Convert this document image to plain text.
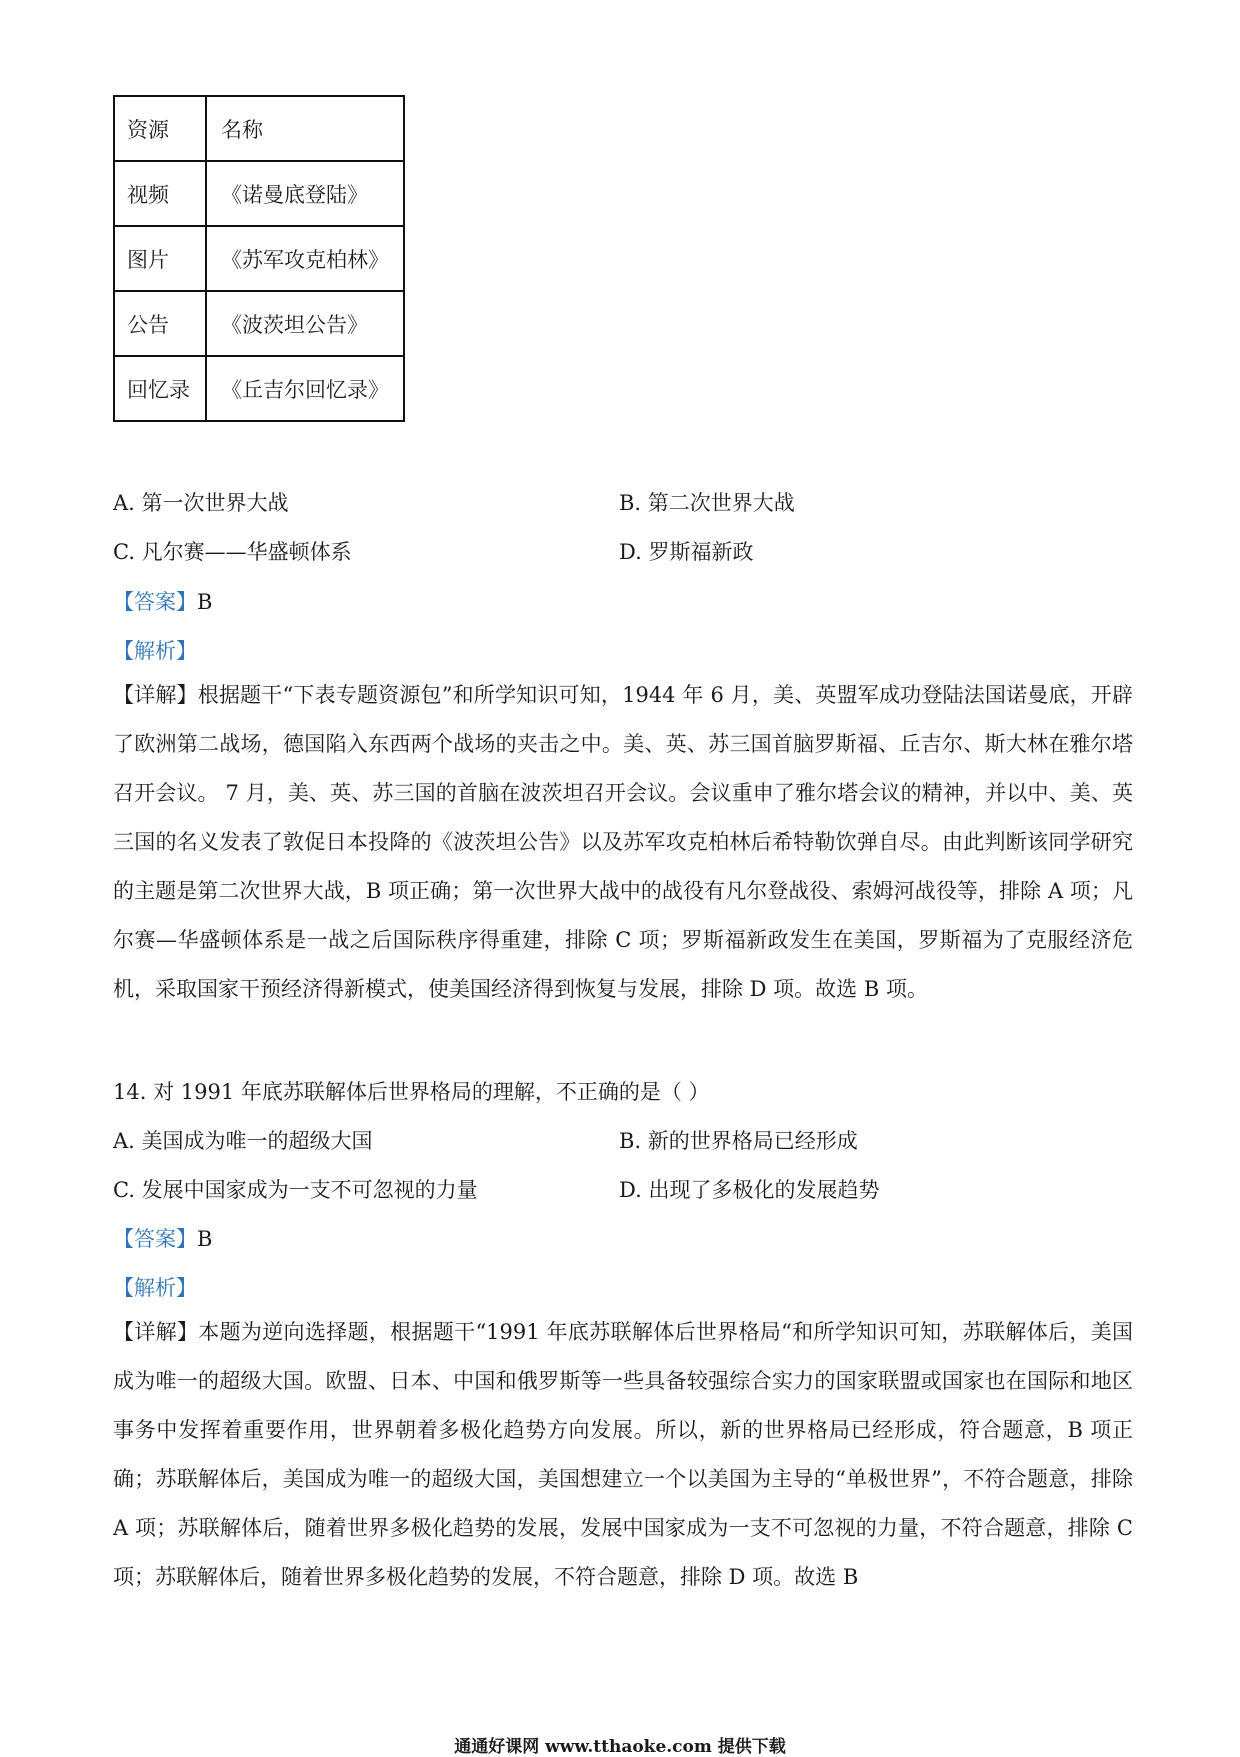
资源	名称
视频	《诺曼底登陆》
图片	《苏军攻克柏林》
公告	《波茨坦公告》
回忆录	《丘吉尔回忆录》
A. 第一次世界大战	B. 第二次世界大战
C. 凡尔赛——华盛顿体系	D. 罗斯福新政
【答案】B
【解析】

【详解】根据题干“下表专题资源包”和所学知识可知，1944 年 6 月，美、英盟军成功登陆法国诺曼底，开辟了欧洲第二战场，德国陷入东西两个战场的夹击之中。美、英、苏三国首脑罗斯福、丘吉尔、斯大林在雅尔塔召开会议。 7 月，美、英、苏三国的首脑在波茨坦召开会议。会议重申了雅尔塔会议的精神，并以中、美、英三国的名义发表了敦促日本投降的《波茨坦公告》以及苏军攻克柏林后希特勒饮弹自尽。由此判断该同学研究的主题是第二次世界大战，B 项正确；第一次世界大战中的战役有凡尔登战役、索姆河战役等，排除 A 项；凡尔赛—华盛顿体系是一战之后国际秩序得重建，排除 C 项；罗斯福新政发生在美国，罗斯福为了克服经济危机，采取国家干预经济得新模式，使美国经济得到恢复与发展，排除 D 项。故选 B 项。

14. 对 1991 年底苏联解体后世界格局的理解，不正确的是（ ）
A. 美国成为唯一的超级大国	B. 新的世界格局已经形成
C. 发展中国家成为一支不可忽视的力量	D. 出现了多极化的发展趋势
【答案】B
【解析】

【详解】本题为逆向选择题，根据题干“1991 年底苏联解体后世界格局“和所学知识可知，苏联解体后，美国成为唯一的超级大国。欧盟、日本、中国和俄罗斯等一些具备较强综合实力的国家联盟或国家也在国际和地区事务中发挥着重要作用，世界朝着多极化趋势方向发展。所以，新的世界格局已经形成，符合题意，B 项正确；苏联解体后，美国成为唯一的超级大国，美国想建立一个以美国为主导的“单极世界”，不符合题意，排除 A 项；苏联解体后，随着世界多极化趋势的发展，发展中国家成为一支不可忽视的力量，不符合题意，排除 C 项；苏联解体后，随着世界多极化趋势的发展，不符合题意，排除 D 项。故选 B

通通好课网 www.tthaoke.com 提供下载
